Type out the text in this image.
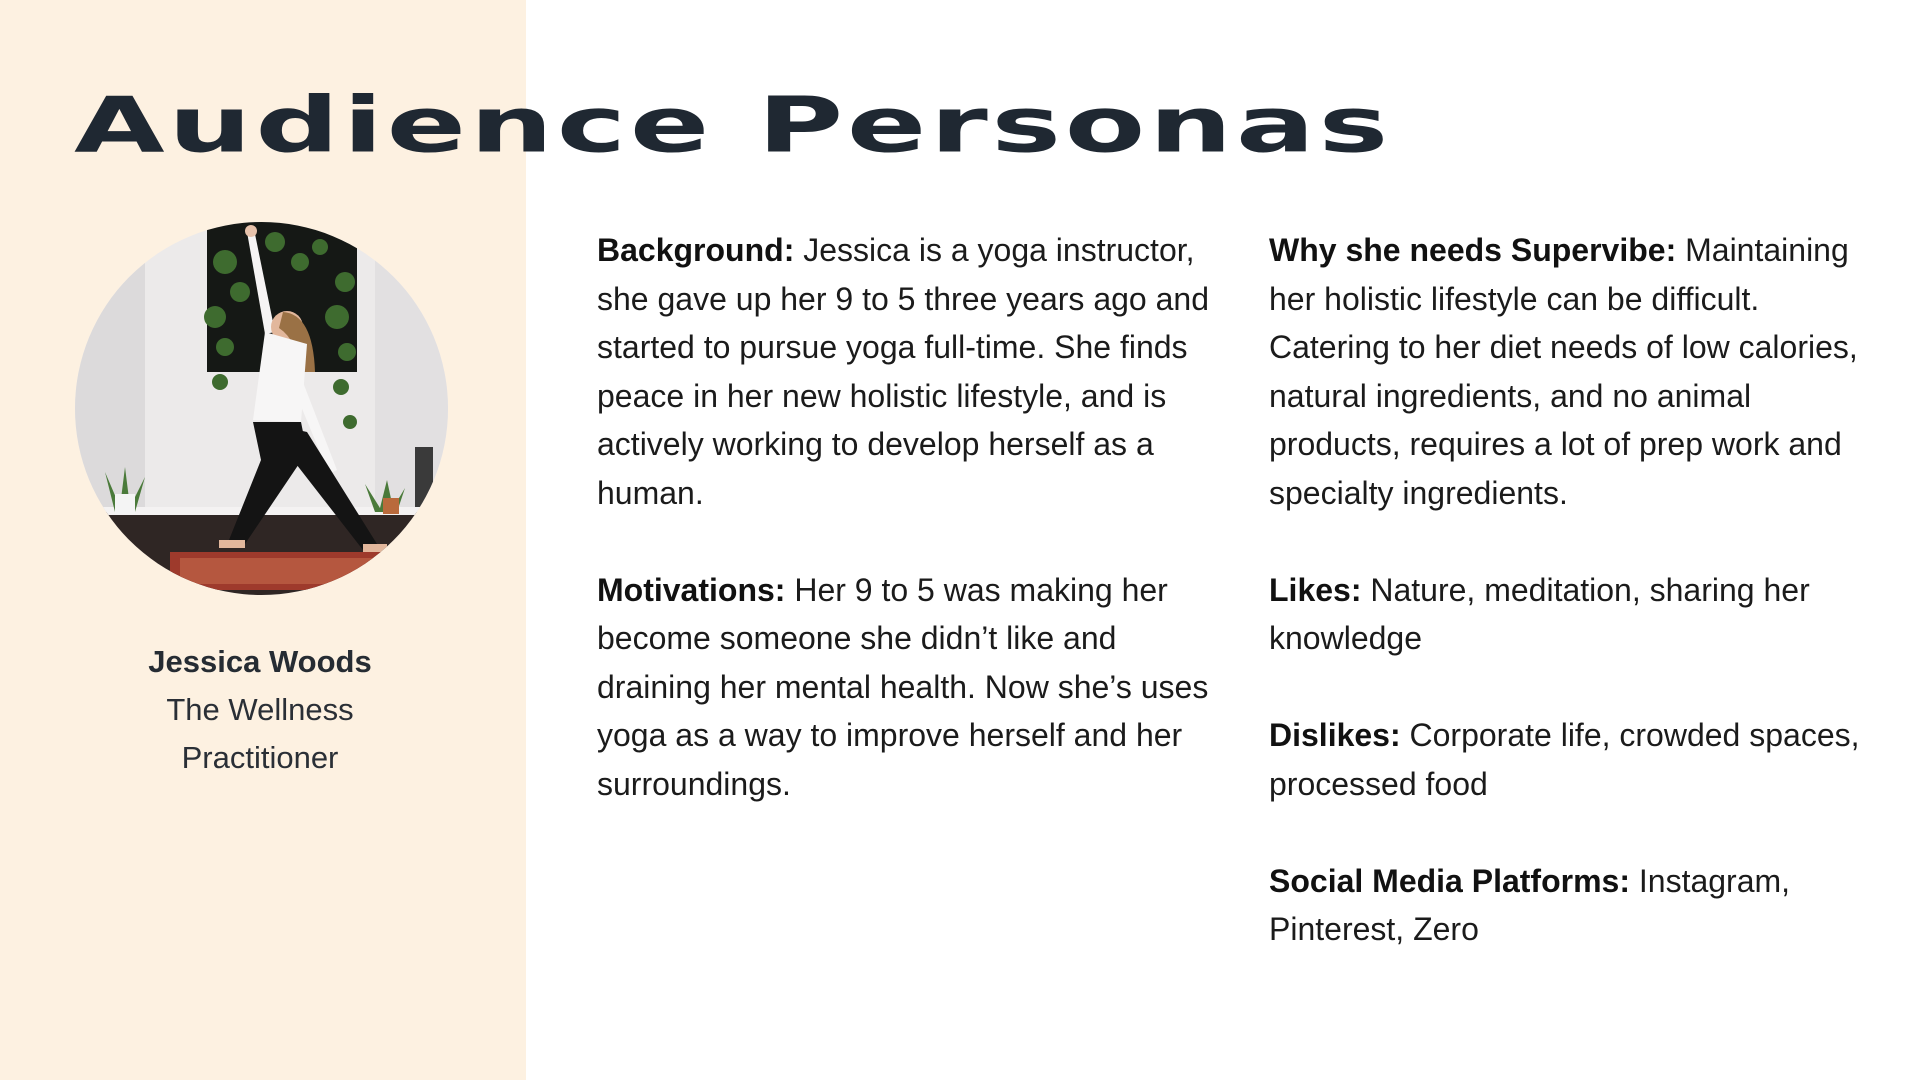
Audience Personas
Jessica Woods
The Wellness
Practitioner

Background: Jessica is a yoga instructor, she gave up her 9 to 5 three years ago and started to pursue yoga full-time. She finds peace in her new holistic lifestyle, and is actively working to develop herself as a human.

Motivations: Her 9 to 5 was making her become someone she didn’t like and draining her mental health. Now she’s uses yoga as a way to improve herself and her surroundings.

Why she needs Supervibe: Maintaining her holistic lifestyle can be difficult. Catering to her diet needs of low calories, natural ingredients, and no animal products, requires a lot of prep work and specialty ingredients.

Likes: Nature, meditation, sharing her knowledge

Dislikes: Corporate life, crowded spaces, processed food

Social Media Platforms: Instagram, Pinterest, Zero
